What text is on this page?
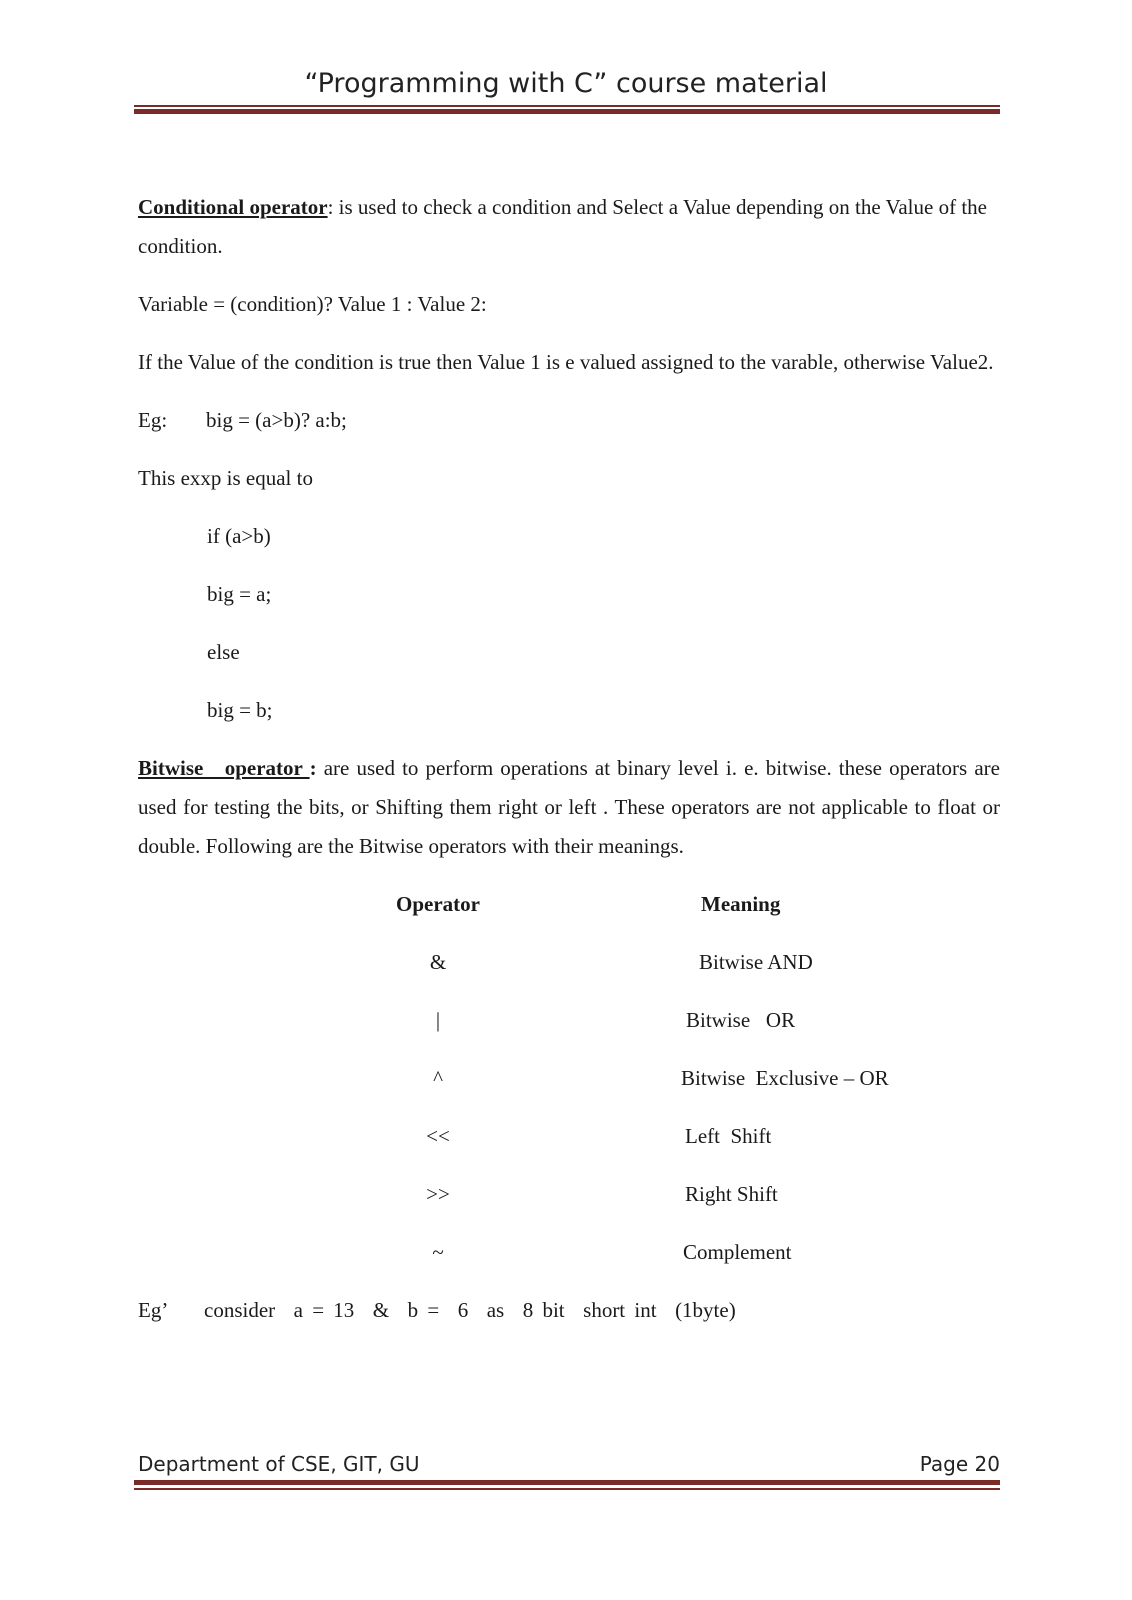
“Programming with C” course material

Conditional operator: is used to check a condition and Select a Value depending on the Value of the condition.

Variable = (condition)? Value 1 : Value 2:

If the Value of the condition is true then Value 1 is e valued assigned to the varable, otherwise Value2.

Eg: big = (a>b)? a:b;

This exxp is equal to

if (a>b)

big = a;

else

big = b;

Bitwise   operator : are used to perform operations at binary level i. e. bitwise. these operators are used for testing the bits, or Shifting them right or left . These operators are not applicable to float or double. Following are the Bitwise operators with their meanings.

Operator	Meaning
&	Bitwise AND
|	Bitwise   OR
^	Bitwise  Exclusive – OR
<<	Left  Shift
>>	Right Shift
~	Complement

Eg’ consider  a = 13  &  b =  6  as  8 bit  short int  (1byte)

Department of CSE, GIT, GU	Page 20
